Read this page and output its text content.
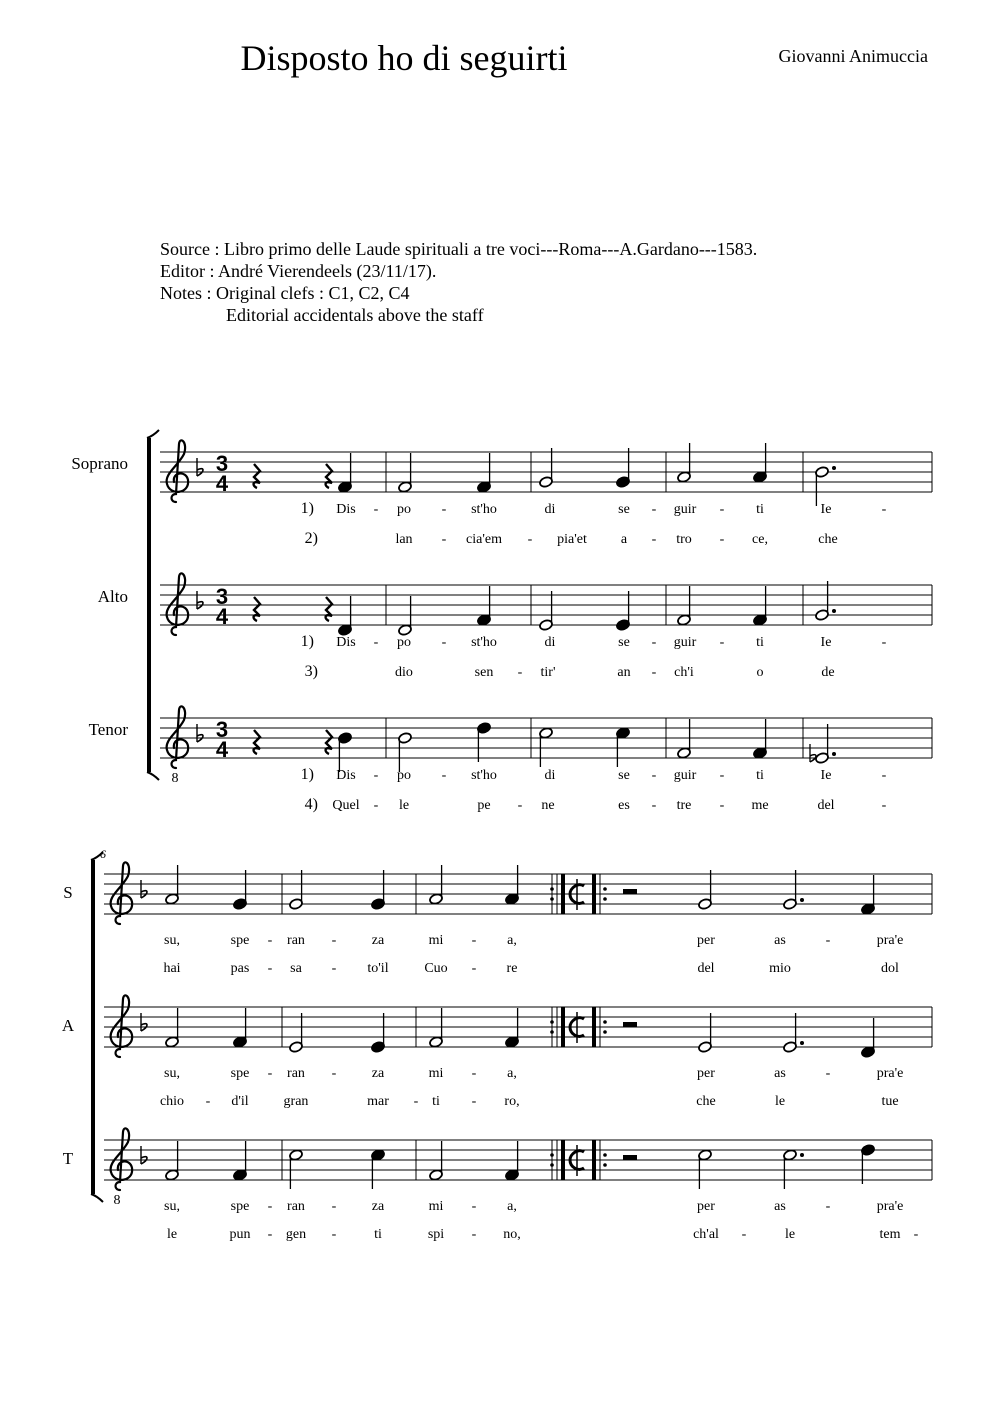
Disposto ho di seguirti	Giovanni Animuccia
Source : Libro primo delle Laude spirituali a tre voci---Roma---A.Gardano---1583.
Editor : André Vierendeels (23/11/17).
Notes : Original clefs : C1, C2, C4
Editorial accidentals above the staff
3
4
Soprano
1) Dis - po - st'ho	di	se - guir - ti	Ie	-
2)	lan - cia'em - pia'et a - tro - ce,	che
3
4
Alto
1) Dis - po - st'ho	di	se - guir - ti	Ie	-
3)	dio	sen - tir'	an - ch'i	o	de
3
4
Tenor
8	1) Dis - po - st'ho	di	se - guir - ti	Ie	-
4) Quel - le	pe - ne	es - tre - me	del	-
6
S
su,	spe - ran -	za	mi - a,	per	as	-	pra'e
hai	pas - sa - to'il	Cuo - re	del	mio	dol
A
su,	spe - ran -	za	mi - a,	per	as	-	pra'e
chio - d'il gran	mar - ti - ro,	che	le	tue
T
8	su,	spe - ran -	za	mi - a,	per	as	-	pra'e
le	pun - gen -	ti	spi - no,	ch'al -	le	tem -
